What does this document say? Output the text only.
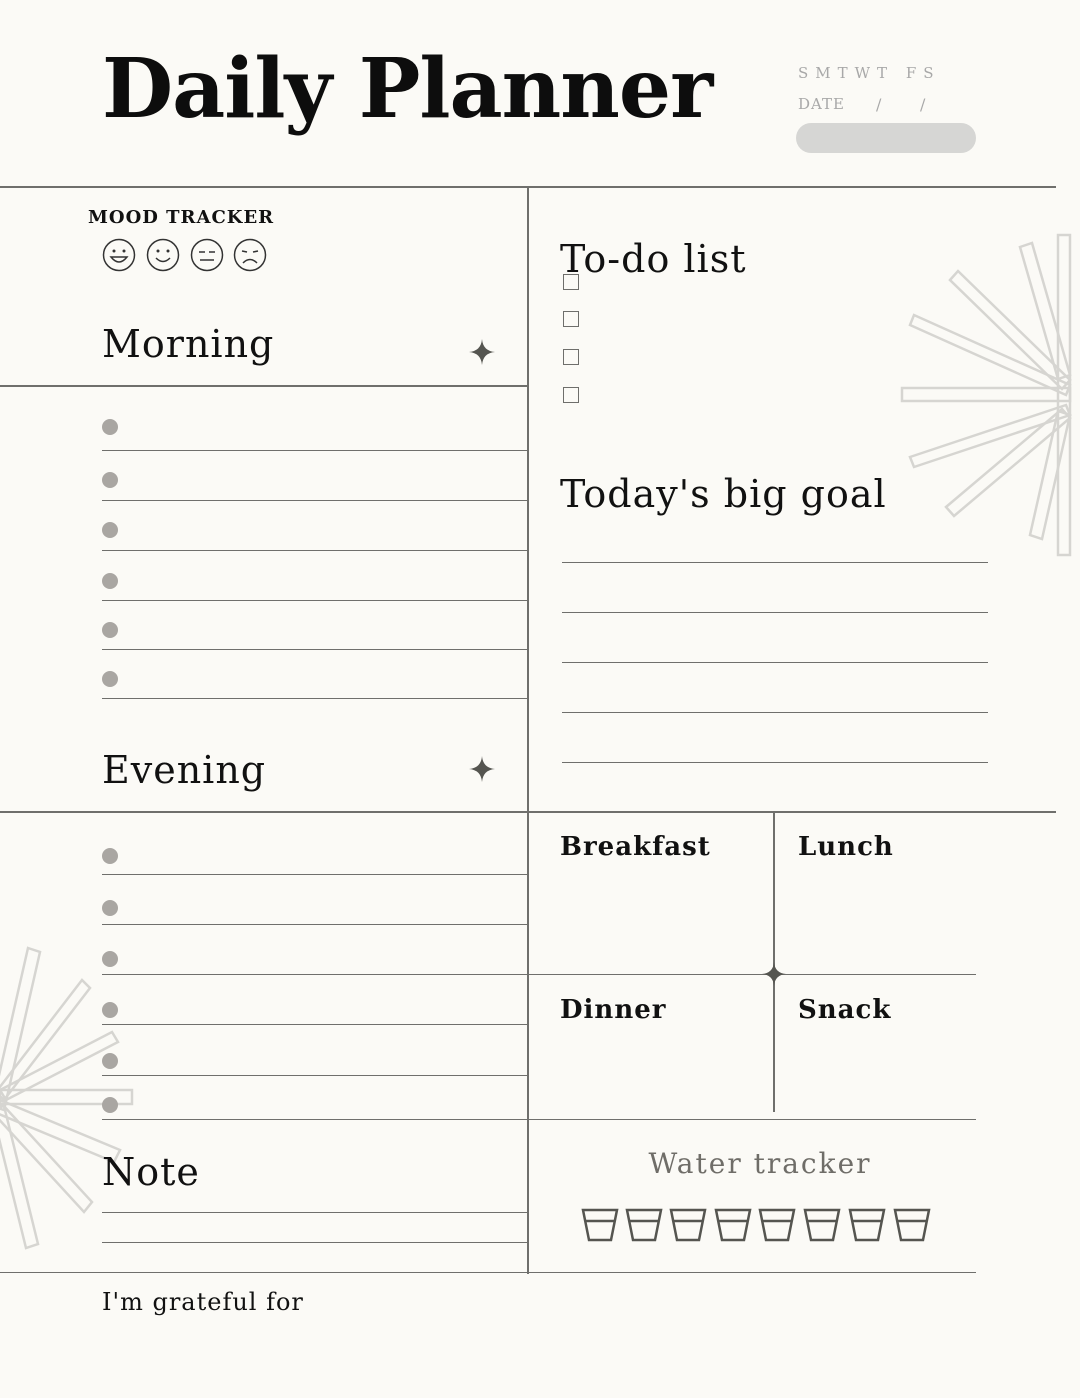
Daily Planner	SMTWT FS
DATE / /
MOOD TRACKER
Morning
Evening
Note
I'm grateful for
To-do list
Today's big goal
Breakfast	Lunch
Dinner	Snack
Water tracker
